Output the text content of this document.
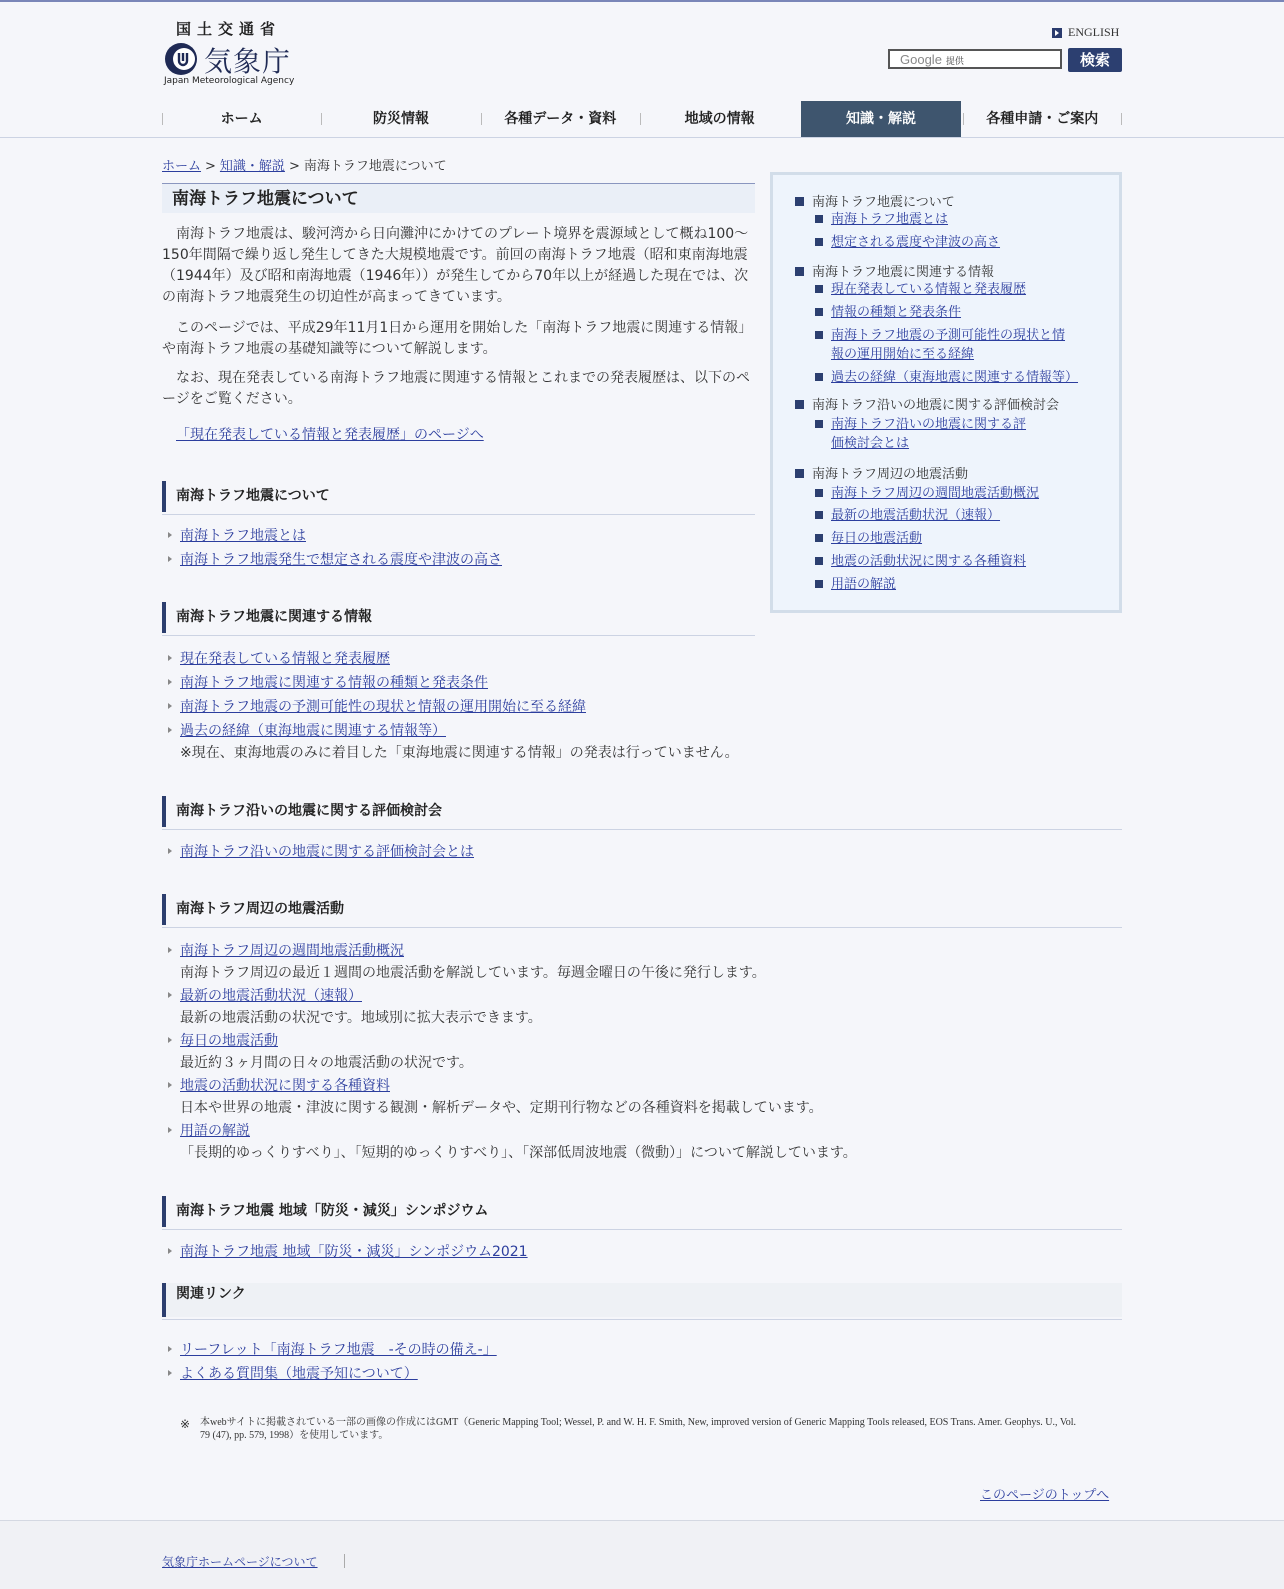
国土交通省
気象庁
Japan Meteorological Agency
ENGLISH
Google 提供	検索
ホーム	防災情報	各種データ・資料	地域の情報	知識・解説	各種申請・ご案内
ホーム > 知識・解説 > 南海トラフ地震について
南海トラフ地震について

南海トラフ地震は、駿河湾から日向灘沖にかけてのプレート境界を震源域として概ね100～150年間隔で繰り返し発生してきた大規模地震です。前回の南海トラフ地震（昭和東南海地震（1944年）及び昭和南海地震（1946年））が発生してから70年以上が経過した現在では、次の南海トラフ地震発生の切迫性が高まってきています。

このページでは、平成29年11月1日から運用を開始した「南海トラフ地震に関連する情報」や南海トラフ地震の基礎知識等について解説します。

なお、現在発表している南海トラフ地震に関連する情報とこれまでの発表履歴は、以下のページをご覧ください。

「現在発表している情報と発表履歴」のページへ
南海トラフ地震について
南海トラフ地震とは
南海トラフ地震発生で想定される震度や津波の高さ
南海トラフ地震に関連する情報
現在発表している情報と発表履歴
南海トラフ地震に関連する情報の種類と発表条件
南海トラフ地震の予測可能性の現状と情報の運用開始に至る経緯
過去の経緯（東海地震に関連する情報等）
※現在、東海地震のみに着目した「東海地震に関連する情報」の発表は行っていません。
南海トラフ沿いの地震に関する評価検討会
南海トラフ沿いの地震に関する評価検討会とは
南海トラフ周辺の地震活動
南海トラフ周辺の週間地震活動概況
南海トラフ周辺の最近１週間の地震活動を解説しています。毎週金曜日の午後に発行します。
最新の地震活動状況（速報）
最新の地震活動の状況です。地域別に拡大表示できます。
毎日の地震活動
最近約３ヶ月間の日々の地震活動の状況です。
地震の活動状況に関する各種資料
日本や世界の地震・津波に関する観測・解析データや、定期刊行物などの各種資料を掲載しています。
用語の解説
「長期的ゆっくりすべり」、「短期的ゆっくりすべり」、「深部低周波地震（微動）」について解説しています。
南海トラフ地震 地域「防災・減災」シンポジウム
南海トラフ地震 地域「防災・減災」シンポジウム2021
関連リンク
リーフレット「南海トラフ地震　-その時の備え-」
よくある質問集（地震予知について）
南海トラフ地震について
南海トラフ地震とは
想定される震度や津波の高さ
南海トラフ地震に関連する情報
現在発表している情報と発表履歴
情報の種類と発表条件
南海トラフ地震の予測可能性の現状と情報の運用開始に至る経緯
過去の経緯（東海地震に関連する情報等）
南海トラフ沿いの地震に関する評価検討会
南海トラフ沿いの地震に関する評価検討会とは
南海トラフ周辺の地震活動
南海トラフ周辺の週間地震活動概況
最新の地震活動状況（速報）
毎日の地震活動
地震の活動状況に関する各種資料
用語の解説
※ 本webサイトに掲載されている一部の画像の作成にはGMT（Generic Mapping Tool; Wessel, P. and W. H. F. Smith, New, improved version of Generic Mapping Tools released, EOS Trans. Amer. Geophys. U., Vol. 79 (47), pp. 579, 1998）を使用しています。
このページのトップへ
気象庁ホームページについて
